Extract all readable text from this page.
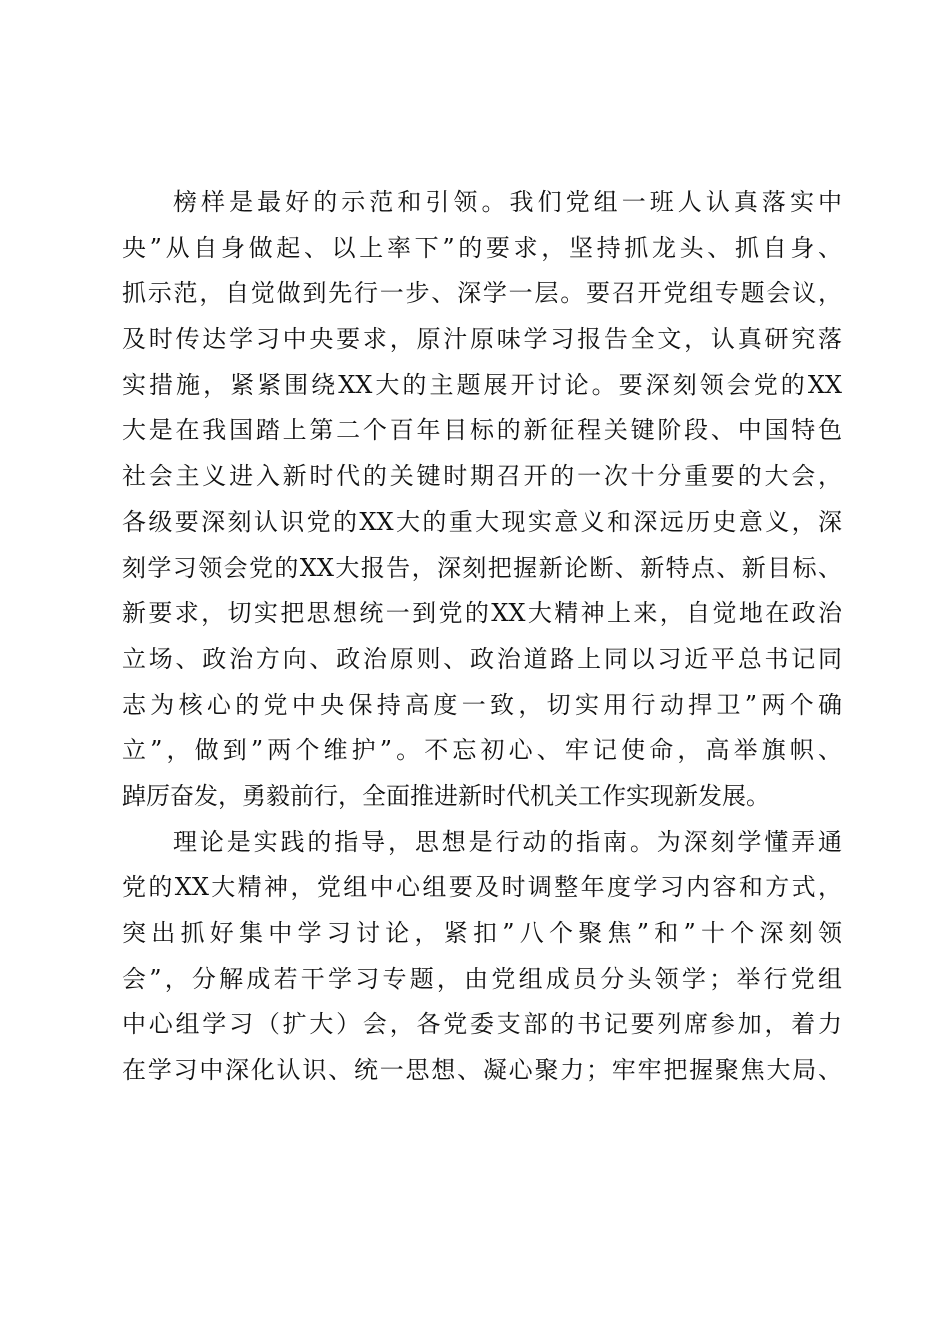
榜样是最好的示范和引领。我们党组一班人认真落实中
央”从自身做起、以上率下”的要求，坚持抓龙头、抓自身、
抓示范，自觉做到先行一步、深学一层。要召开党组专题会议，
及时传达学习中央要求，原汁原味学习报告全文，认真研究落
实措施，紧紧围绕XX大的主题展开讨论。要深刻领会党的XX
大是在我国踏上第二个百年目标的新征程关键阶段、中国特色
社会主义进入新时代的关键时期召开的一次十分重要的大会，
各级要深刻认识党的XX大的重大现实意义和深远历史意义，深
刻学习领会党的XX大报告，深刻把握新论断、新特点、新目标、
新要求，切实把思想统一到党的XX大精神上来，自觉地在政治
立场、政治方向、政治原则、政治道路上同以习近平总书记同
志为核心的党中央保持高度一致，切实用行动捍卫”两个确
立”，做到”两个维护”。不忘初心、牢记使命，高举旗帜、
踔厉奋发，勇毅前行，全面推进新时代机关工作实现新发展。
理论是实践的指导，思想是行动的指南。为深刻学懂弄通
党的XX大精神，党组中心组要及时调整年度学习内容和方式，
突出抓好集中学习讨论，紧扣”八个聚焦”和”十个深刻领
会”，分解成若干学习专题，由党组成员分头领学；举行党组
中心组学习（扩大）会，各党委支部的书记要列席参加，着力
在学习中深化认识、统一思想、凝心聚力；牢牢把握聚焦大局、
